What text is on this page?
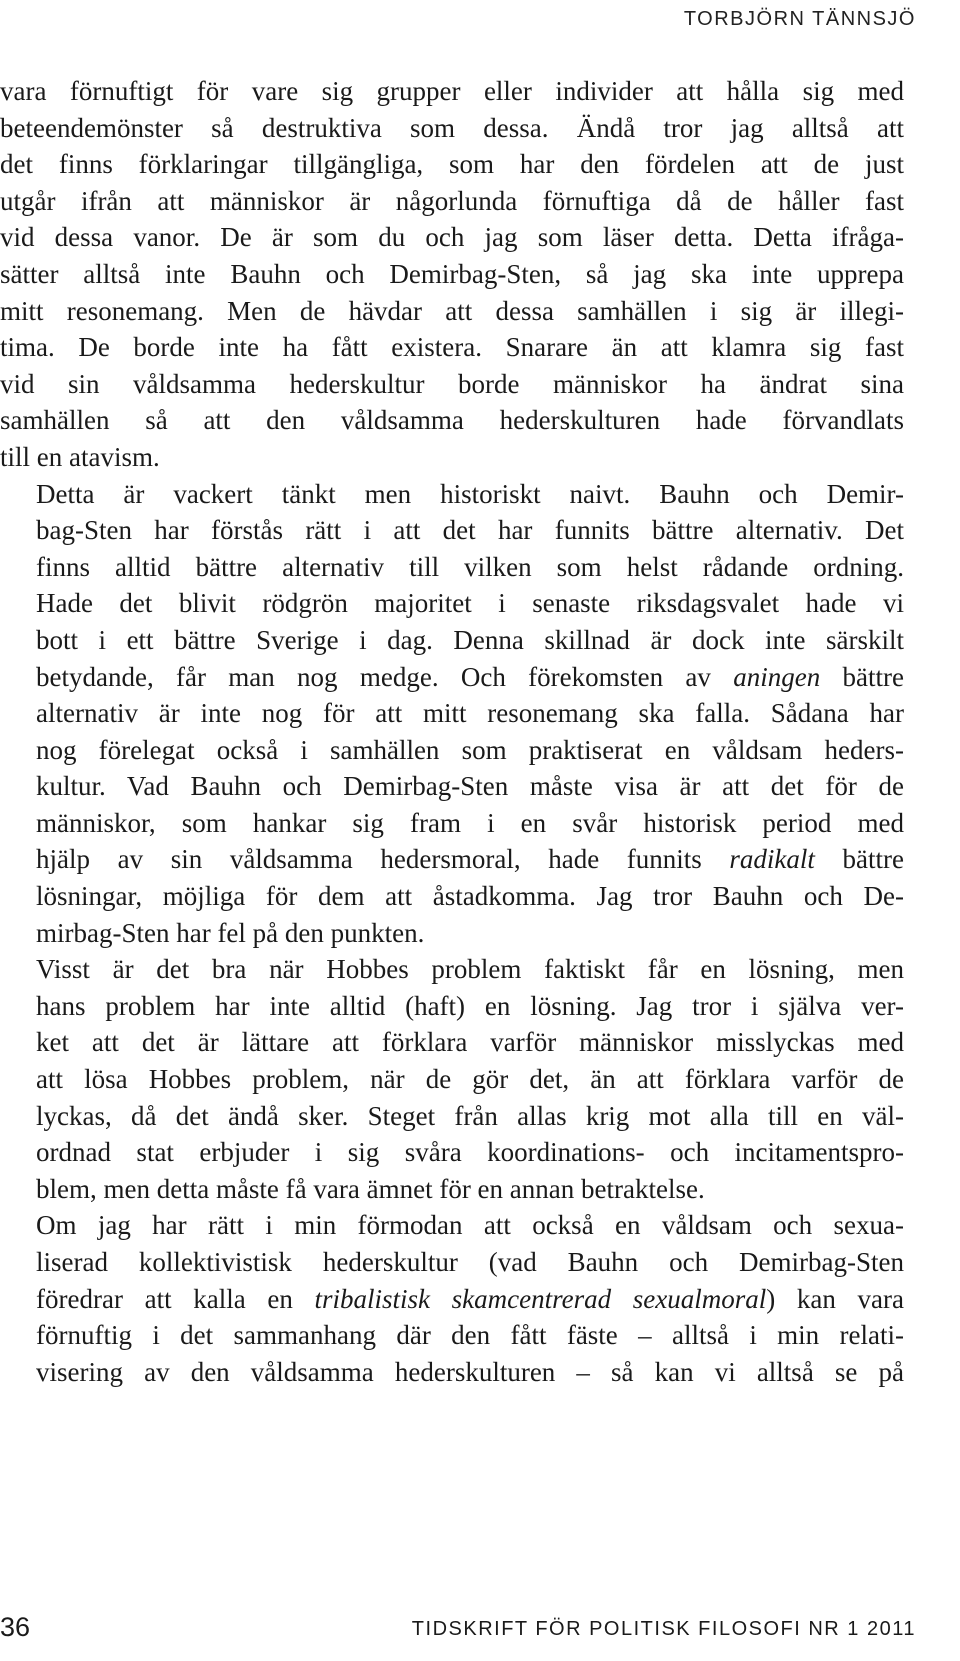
TORBJÖRN TÄNNSJÖ

vara förnuftigt för vare sig grupper eller individer att hålla sig med
beteendemönster så destruktiva som dessa. Ändå tror jag alltså att
det finns förklaringar tillgängliga, som har den fördelen att de just
utgår ifrån att människor är någorlunda förnuftiga då de håller fast
vid dessa vanor. De är som du och jag som läser detta. Detta ifråga-
sätter alltså inte Bauhn och Demirbag-Sten, så jag ska inte upprepa
mitt resonemang. Men de hävdar att dessa samhällen i sig är illegi-
tima. De borde inte ha fått existera. Snarare än att klamra sig fast
vid sin våldsamma hederskultur borde människor ha ändrat sina
samhällen så att den våldsamma hederskulturen hade förvandlats
till en atavism.

Detta är vackert tänkt men historiskt naivt. Bauhn och Demir-
bag-Sten har förstås rätt i att det har funnits bättre alternativ. Det
finns alltid bättre alternativ till vilken som helst rådande ordning.
Hade det blivit rödgrön majoritet i senaste riksdagsvalet hade vi
bott i ett bättre Sverige i dag. Denna skillnad är dock inte särskilt
betydande, får man nog medge. Och förekomsten av aningen bättre
alternativ är inte nog för att mitt resonemang ska falla. Sådana har
nog förelegat också i samhällen som praktiserat en våldsam heders-
kultur. Vad Bauhn och Demirbag-Sten måste visa är att det för de
människor, som hankar sig fram i en svår historisk period med
hjälp av sin våldsamma hedersmoral, hade funnits radikalt bättre
lösningar, möjliga för dem att åstadkomma. Jag tror Bauhn och De-
mirbag-Sten har fel på den punkten.

Visst är det bra när Hobbes problem faktiskt får en lösning, men
hans problem har inte alltid (haft) en lösning. Jag tror i själva ver-
ket att det är lättare att förklara varför människor misslyckas med
att lösa Hobbes problem, när de gör det, än att förklara varför de
lyckas, då det ändå sker. Steget från allas krig mot alla till en väl-
ordnad stat erbjuder i sig svåra koordinations- och incitamentspro-
blem, men detta måste få vara ämnet för en annan betraktelse.

Om jag har rätt i min förmodan att också en våldsam och sexua-
liserad kollektivistisk hederskultur (vad Bauhn och Demirbag-Sten
föredrar att kalla en tribalistisk skamcentrerad sexualmoral) kan vara
förnuftig i det sammanhang där den fått fäste – alltså i min relati-
visering av den våldsamma hederskulturen – så kan vi alltså se på

36	TIDSKRIFT FÖR POLITISK FILOSOFI NR 1 2011
